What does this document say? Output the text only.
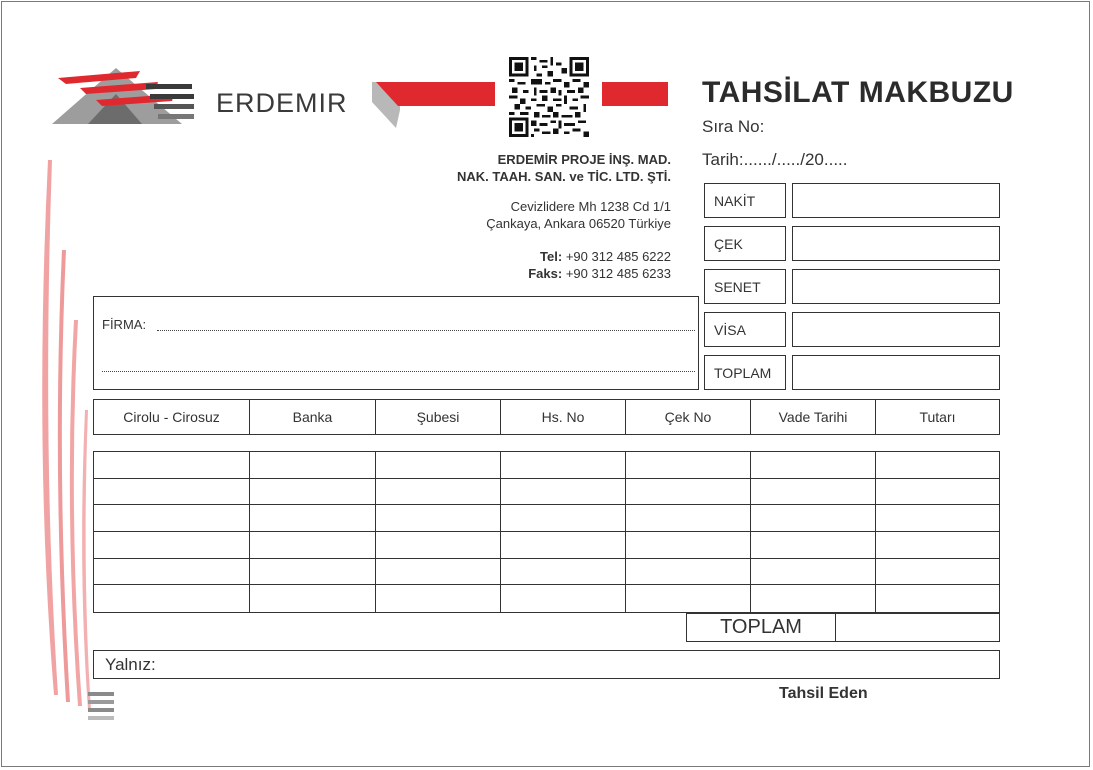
ERDEMIR	TAHSİLAT MAKBUZU
Sıra No:
Tarih:....../...../20.....
ERDEMİR PROJE İNŞ. MAD.
NAK. TAAH. SAN. ve TİC. LTD. ŞTİ.
Cevizlidere Mh 1238 Cd 1/1
Çankaya, Ankara 06520 Türkiye
Tel: +90 312 485 6222
Faks: +90 312 485 6233
NAKİT
ÇEK
SENET
VİSA
TOPLAM
FİRMA:
Cirolu - Cirosuz	Banka	Şubesi	Hs. No	Çek No	Vade Tarihi	Tutarı
TOPLAM
Yalnız:
Tahsil Eden
